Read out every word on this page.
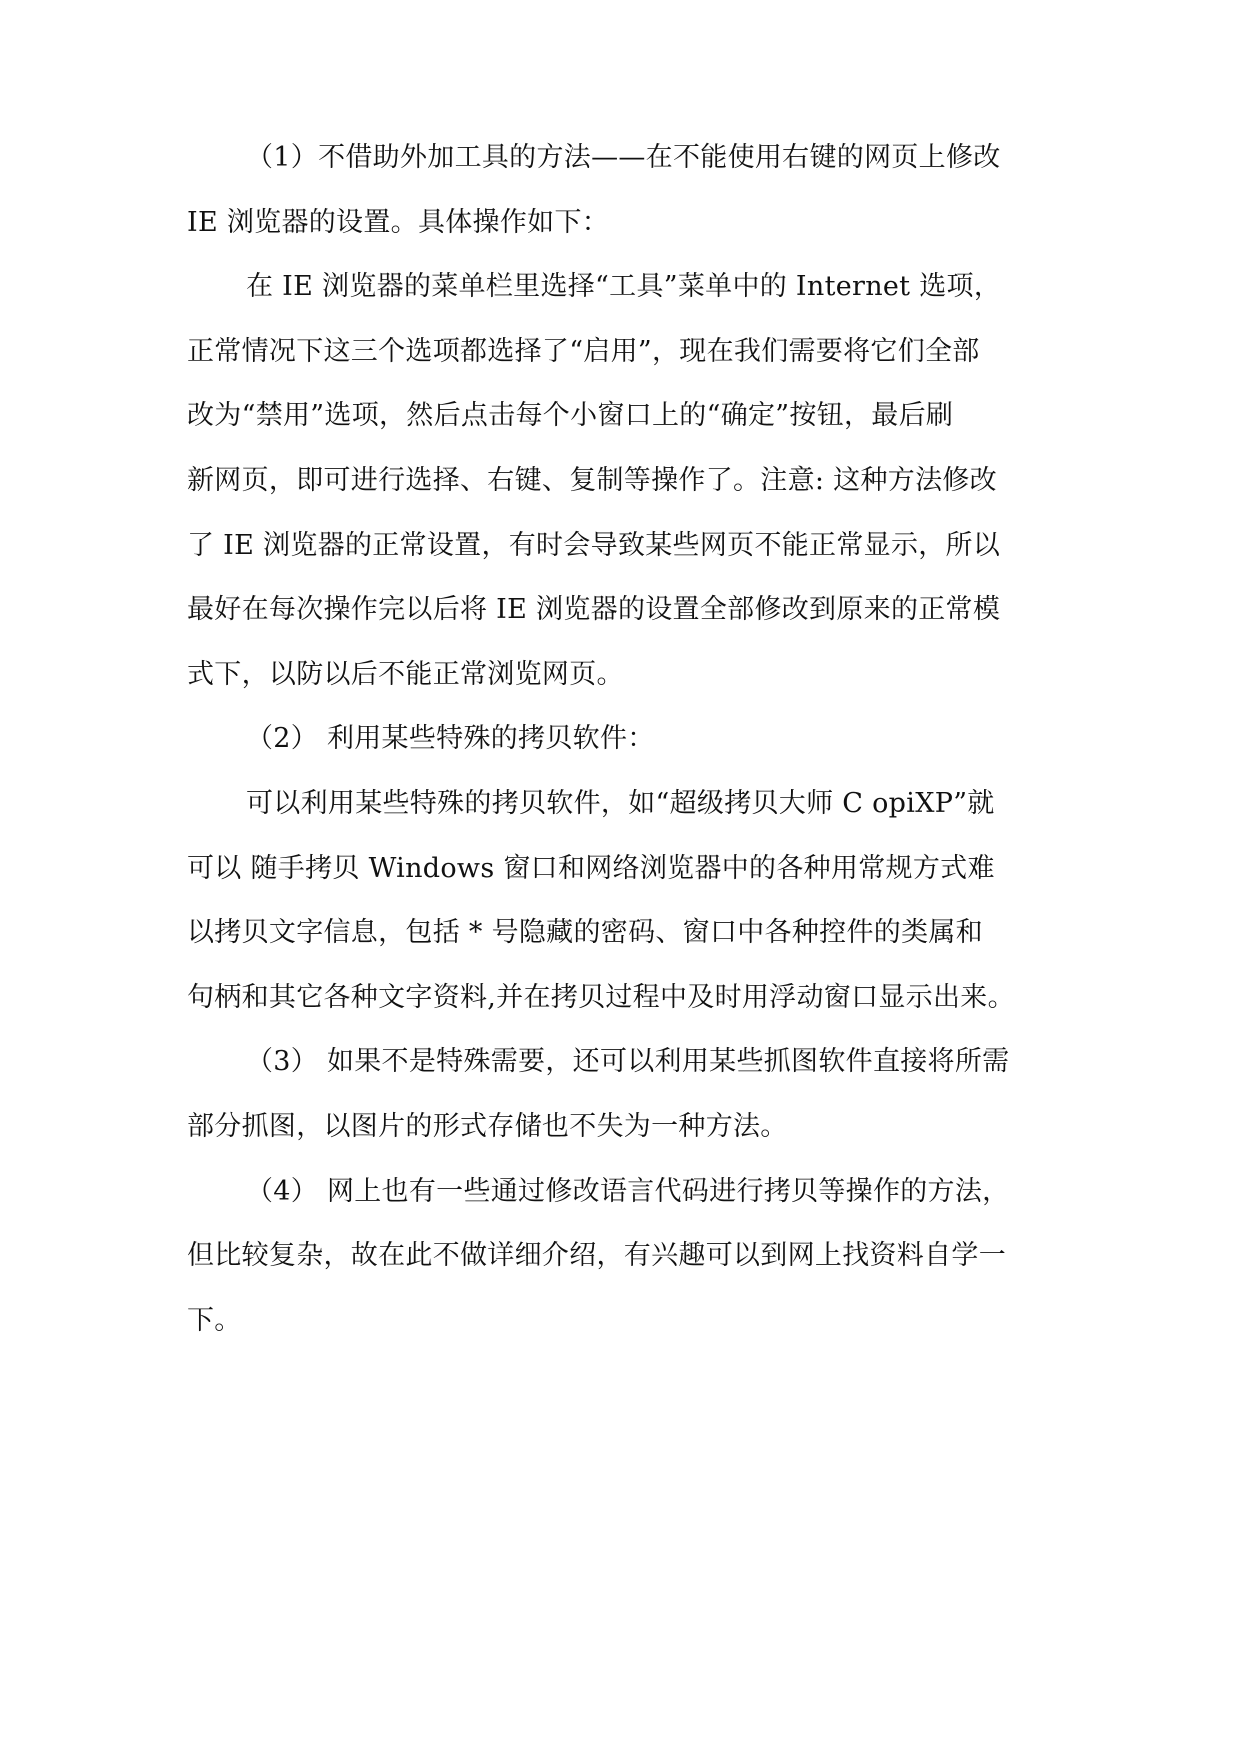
（1）不借助外加工具的方法——在不能使用右键的网页上修改
IE 浏览器的设置。具体操作如下：
在 IE 浏览器的菜单栏里选择“工具”菜单中的 Internet 选项，
正常情况下这三个选项都选择了“启用”，现在我们需要将它们全部
改为“禁用”选项，然后点击每个小窗口上的“确定”按钮，最后刷
新网页，即可进行选择、右键、复制等操作了。注意: 这种方法修改
了 IE 浏览器的正常设置，有时会导致某些网页不能正常显示，所以
最好在每次操作完以后将 IE 浏览器的设置全部修改到原来的正常模
式下，以防以后不能正常浏览网页。
（2） 利用某些特殊的拷贝软件：
可以利用某些特殊的拷贝软件，如“超级拷贝大师 C opiXP”就
可以 随手拷贝 Windows 窗口和网络浏览器中的各种用常规方式难
以拷贝文字信息，包括 * 号隐藏的密码、窗口中各种控件的类属和
句柄和其它各种文字资料,并在拷贝过程中及时用浮动窗口显示出来。
（3） 如果不是特殊需要，还可以利用某些抓图软件直接将所需
部分抓图，以图片的形式存储也不失为一种方法。
（4） 网上也有一些通过修改语言代码进行拷贝等操作的方法，
但比较复杂，故在此不做详细介绍，有兴趣可以到网上找资料自学一
下。
